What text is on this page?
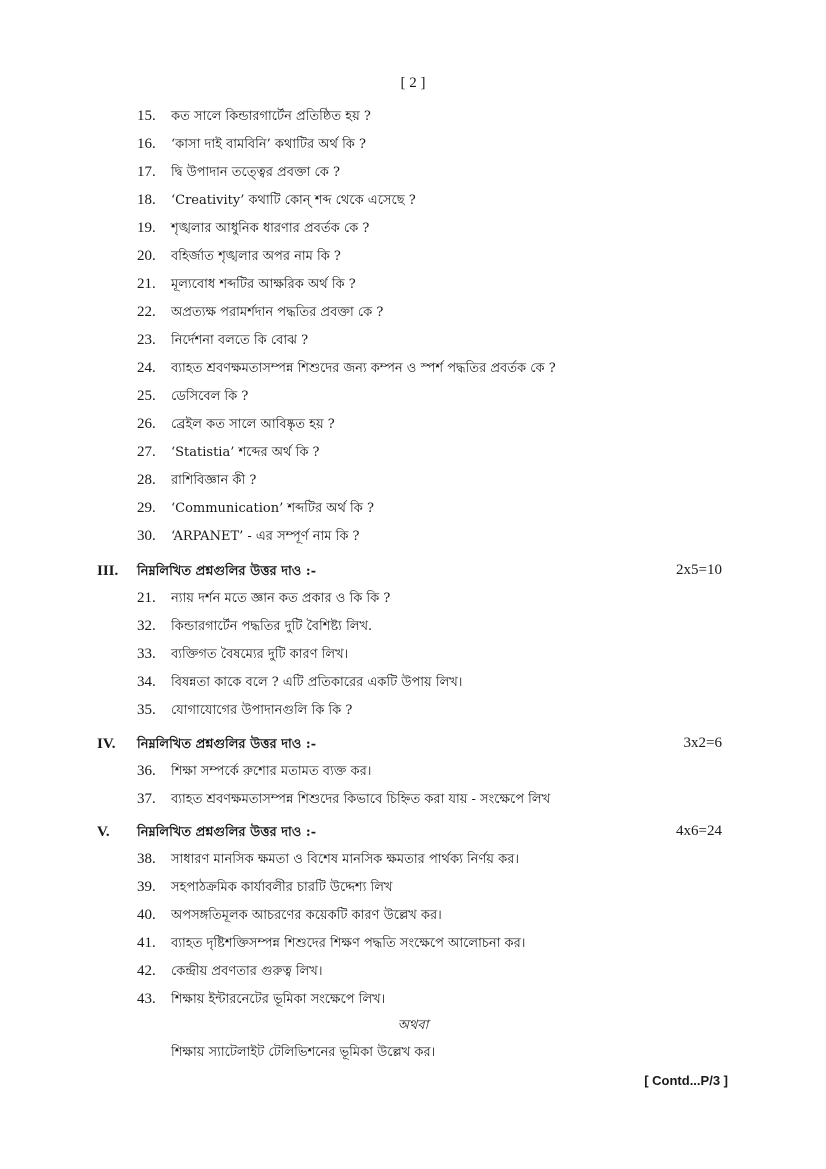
[ 2 ]
15. কত সালে কিন্ডারগার্টেন প্রতিষ্ঠিত হয় ?
16. ‘কাসা দাই বামবিনি’ কথাটির অর্থ কি ?
17. দ্বি উপাদান তত্ত্বের প্রবক্তা কে ?
18. ‘Creativity’ কথাটি কোন্ শব্দ থেকে এসেছে ?
19. শৃঙ্খলার আধুনিক ধারণার প্রবর্তক কে ?
20. বহির্জাত শৃঙ্খলার অপর নাম কি ?
21. মূল্যবোধ শব্দটির আক্ষরিক অর্থ কি ?
22. অপ্রত্যক্ষ পরামর্শদান পদ্ধতির প্রবক্তা কে ?
23. নির্দেশনা বলতে কি বোঝ ?
24. ব্যাহত শ্রবণক্ষমতাসম্পন্ন শিশুদের জন্য কম্পন ও স্পর্শ পদ্ধতির প্রবর্তক কে ?
25. ডেসিবেল কি ?
26. ব্রেইল কত সালে আবিষ্কৃত হয় ?
27. ‘Statistia’ শব্দের অর্থ কি ?
28. রাশিবিজ্ঞান কী ?
29. ‘Communication’ শব্দটির অর্থ কি ?
30. ‘ARPANET’ - এর সম্পূর্ণ নাম কি ?
III. নিম্নলিখিত প্রশ্নগুলির উত্তর দাও :-	2x5=10
21. ন্যায় দর্শন মতে জ্ঞান কত প্রকার ও কি কি ?
32. কিন্ডারগার্টেন পদ্ধতির দুটি বৈশিষ্ট্য লিখ.
33. ব্যক্তিগত বৈষম্যের দুটি কারণ লিখ।
34. বিষন্নতা কাকে বলে ? এটি প্রতিকারের একটি উপায় লিখ।
35. যোগাযোগের উপাদানগুলি কি কি ?
IV. নিম্নলিখিত প্রশ্নগুলির উত্তর দাও :-	3x2=6
36. শিক্ষা সম্পর্কে রুশোর মতামত ব্যক্ত কর।
37. ব্যাহত শ্রবণক্ষমতাসম্পন্ন শিশুদের কিভাবে চিহ্নিত করা যায় - সংক্ষেপে লিখ
V. নিম্নলিখিত প্রশ্নগুলির উত্তর দাও :-	4x6=24
38. সাধারণ মানসিক ক্ষমতা ও বিশেষ মানসিক ক্ষমতার পার্থক্য নির্ণয় কর।
39. সহপাঠক্রমিক কার্যাবলীর চারটি উদ্দেশ্য লিখ
40. অপসঙ্গতিমূলক আচরণের কয়েকটি কারণ উল্লেখ কর।
41. ব্যাহত দৃষ্টিশক্তিসম্পন্ন শিশুদের শিক্ষণ পদ্ধতি সংক্ষেপে আলোচনা কর।
42. কেন্দ্রীয় প্রবণতার গুরুত্ব লিখ।
43. শিক্ষায় ইন্টারনেটের ভূমিকা সংক্ষেপে লিখ।
অথবা
শিক্ষায় স্যাটেলাইট টেলিভিশনের ভূমিকা উল্লেখ কর।
[ Contd...P/3 ]
